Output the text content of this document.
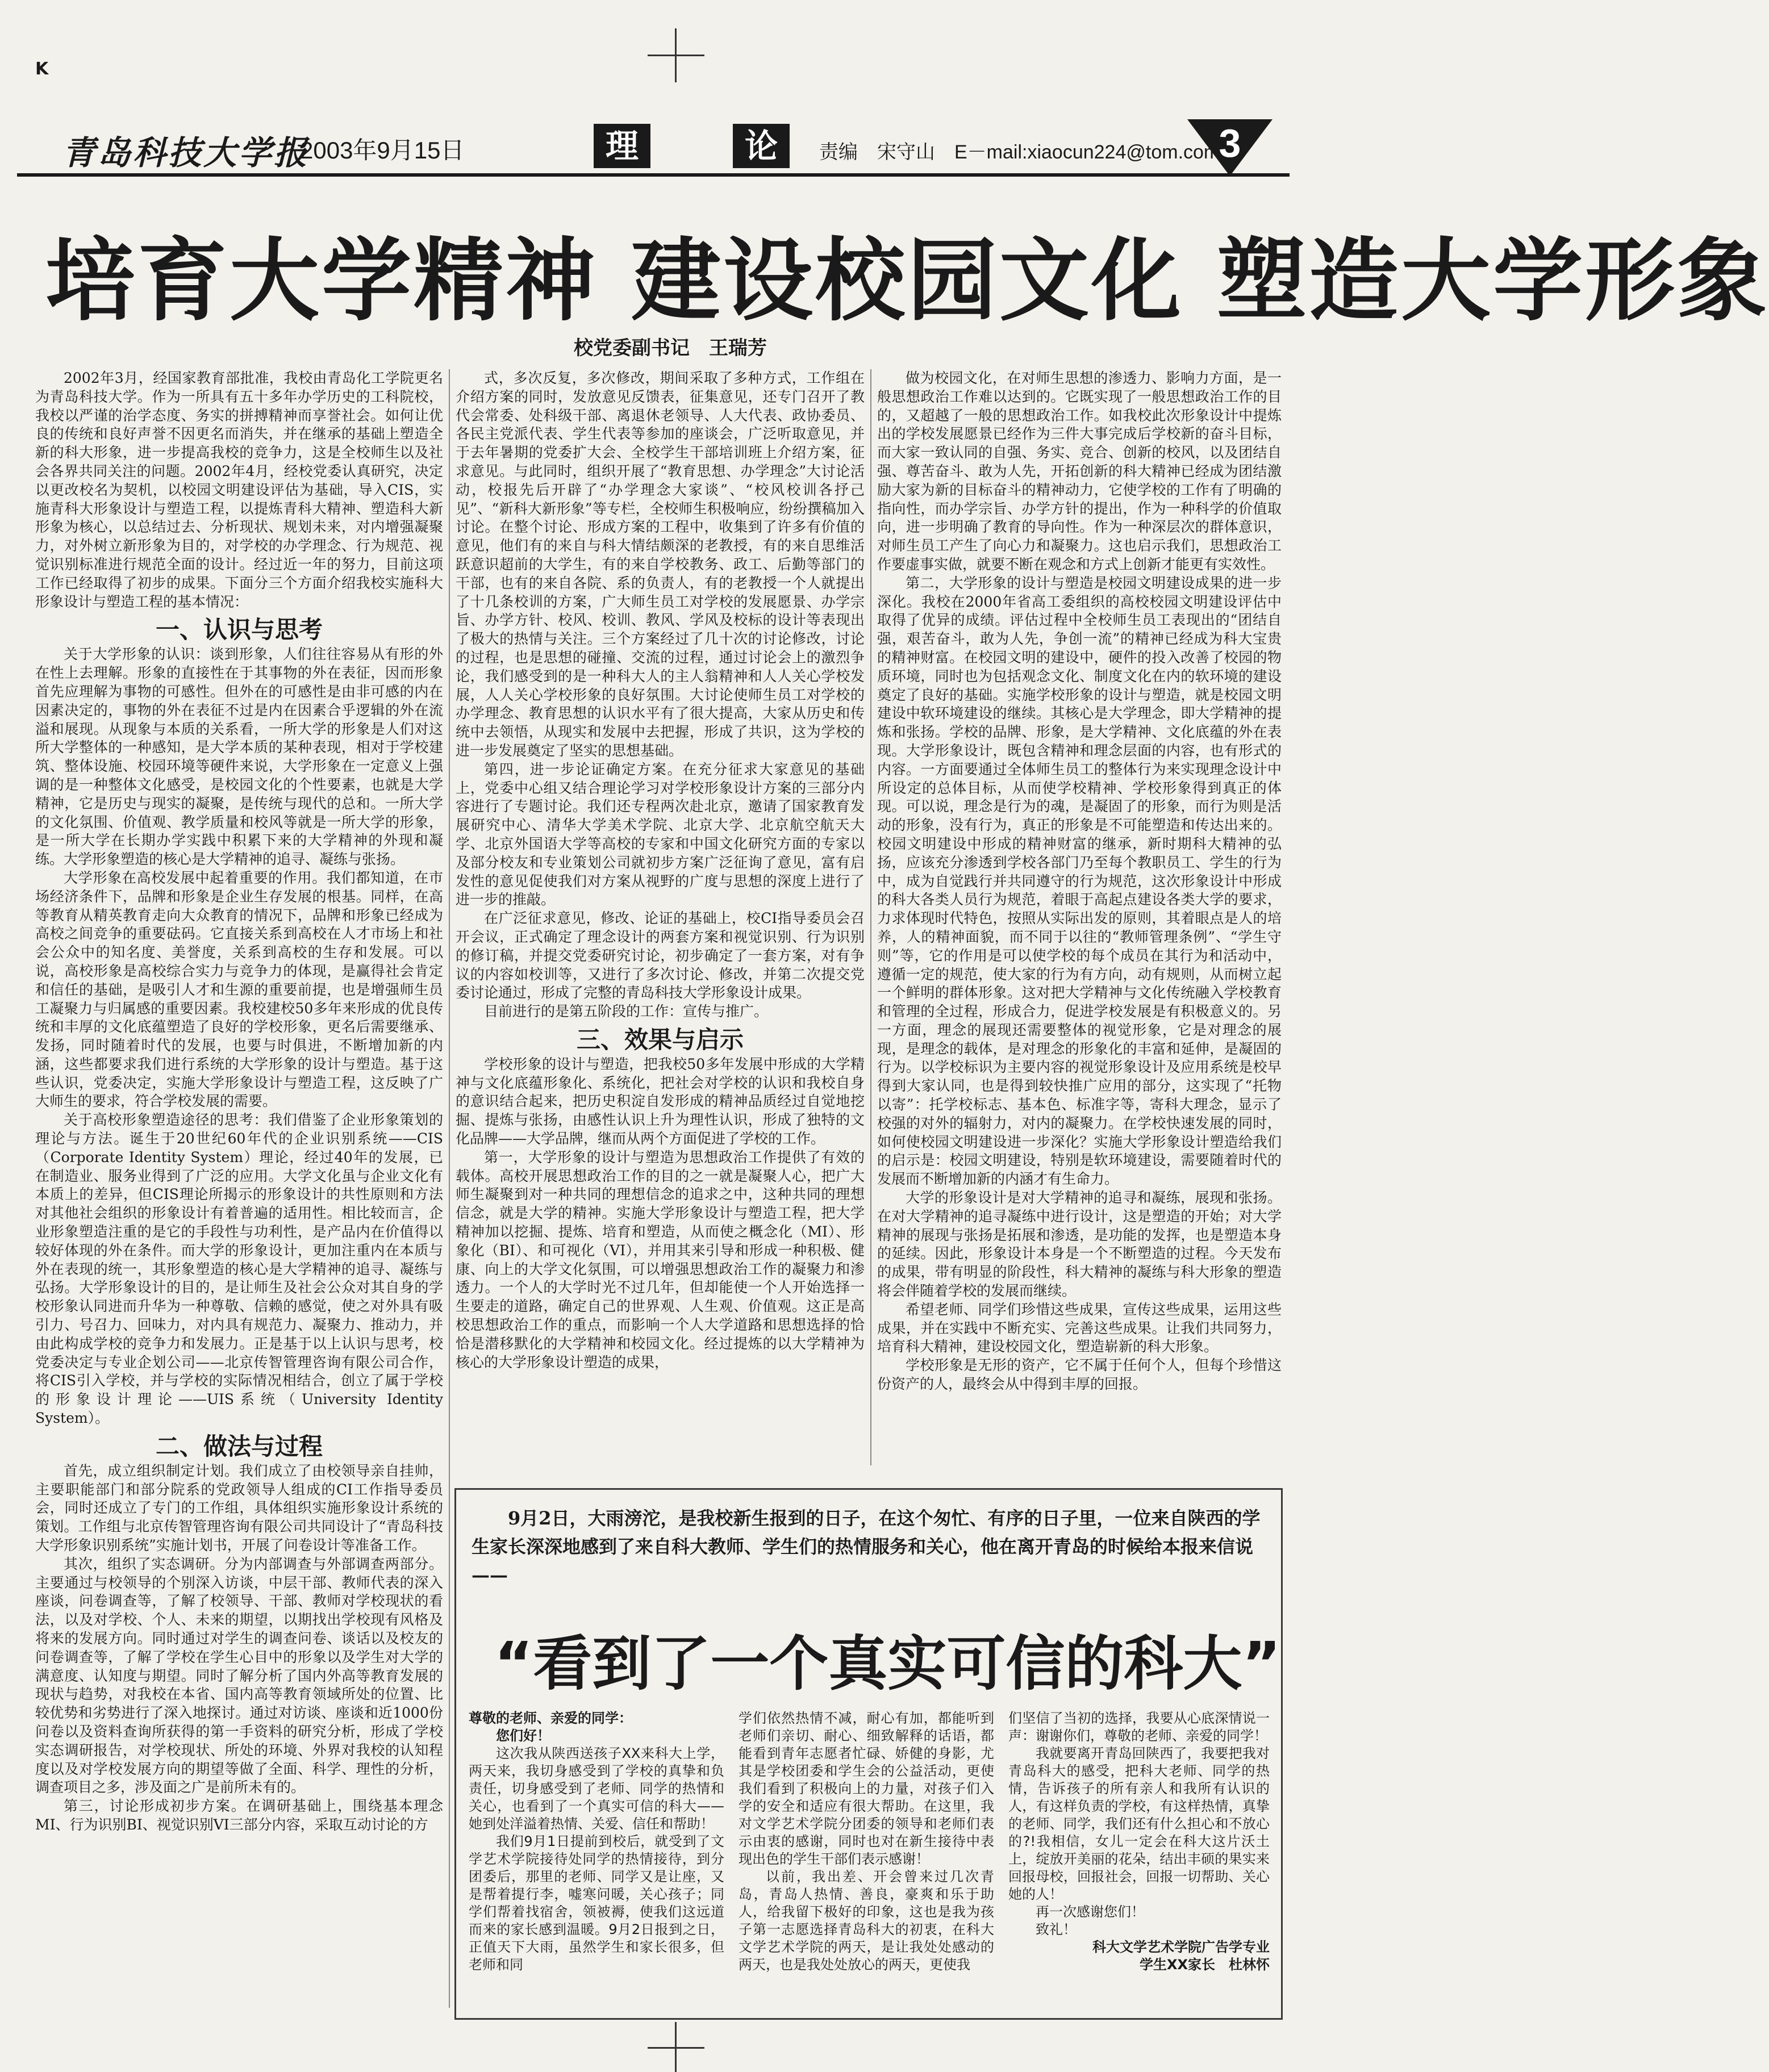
K
青岛科技大学报
2003年9月15日	理	论	责编　宋守山　E－mail:xiaocun224@tom.com
3
培育大学精神 建设校园文化 塑造大学形象
校党委副书记　王瑞芳

2002年3月，经国家教育部批准，我校由青岛化工学院更名为青岛科技大学。作为一所具有五十多年办学历史的工科院校，我校以严谨的治学态度、务实的拼搏精神而享誉社会。如何让优良的传统和良好声誉不因更名而消失，并在继承的基础上塑造全新的科大形象，进一步提高我校的竞争力，这是全校师生以及社会各界共同关注的问题。2002年4月，经校党委认真研究，决定以更改校名为契机，以校园文明建设评估为基础，导入CIS，实施青科大形象设计与塑造工程，以提炼青科大精神、塑造科大新形象为核心，以总结过去、分析现状、规划未来，对内增强凝聚力，对外树立新形象为目的，对学校的办学理念、行为规范、视觉识别标准进行规范全面的设计。经过近一年的努力，目前这项工作已经取得了初步的成果。下面分三个方面介绍我校实施科大形象设计与塑造工程的基本情况：

一、认识与思考

关于大学形象的认识：谈到形象，人们往往容易从有形的外在性上去理解。形象的直接性在于其事物的外在表征，因而形象首先应理解为事物的可感性。但外在的可感性是由非可感的内在因素决定的，事物的外在表征不过是内在因素合乎逻辑的外在流溢和展现。从现象与本质的关系看，一所大学的形象是人们对这所大学整体的一种感知，是大学本质的某种表现，相对于学校建筑、整体设施、校园环境等硬件来说，大学形象在一定意义上强调的是一种整体文化感受，是校园文化的个性要素，也就是大学精神，它是历史与现实的凝聚，是传统与现代的总和。一所大学的文化氛围、价值观、教学质量和校风等就是一所大学的形象，是一所大学在长期办学实践中积累下来的大学精神的外现和凝练。大学形象塑造的核心是大学精神的追寻、凝练与张扬。

大学形象在高校发展中起着重要的作用。我们都知道，在市场经济条件下，品牌和形象是企业生存发展的根基。同样，在高等教育从精英教育走向大众教育的情况下，品牌和形象已经成为高校之间竞争的重要砝码。它直接关系到高校在人才市场上和社会公众中的知名度、美誉度，关系到高校的生存和发展。可以说，高校形象是高校综合实力与竞争力的体现，是赢得社会肯定和信任的基础，是吸引人才和生源的重要前提，也是增强师生员工凝聚力与归属感的重要因素。我校建校50多年来形成的优良传统和丰厚的文化底蕴塑造了良好的学校形象，更名后需要继承、发扬，同时随着时代的发展，也要与时俱进，不断增加新的内涵，这些都要求我们进行系统的大学形象的设计与塑造。基于这些认识，党委决定，实施大学形象设计与塑造工程，这反映了广大师生的要求，符合学校发展的需要。

关于高校形象塑造途径的思考：我们借鉴了企业形象策划的理论与方法。诞生于20世纪60年代的企业识别系统——CIS（Corporate Identity System）理论，经过40年的发展，已在制造业、服务业得到了广泛的应用。大学文化虽与企业文化有本质上的差异，但CIS理论所揭示的形象设计的共性原则和方法对其他社会组织的形象设计有着普遍的适用性。相比较而言，企业形象塑造注重的是它的手段性与功利性，是产品内在价值得以较好体现的外在条件。而大学的形象设计，更加注重内在本质与外在表现的统一，其形象塑造的核心是大学精神的追寻、凝练与弘扬。大学形象设计的目的，是让师生及社会公众对其自身的学校形象认同进而升华为一种尊敬、信赖的感觉，使之对外具有吸引力、号召力、回味力，对内具有规范力、凝聚力、推动力，并由此构成学校的竞争力和发展力。正是基于以上认识与思考，校党委决定与专业企划公司——北京传智管理咨询有限公司合作，将CIS引入学校，并与学校的实际情况相结合，创立了属于学校的形象设计理论——UIS系统（University Identity System）。

二、做法与过程

首先，成立组织制定计划。我们成立了由校领导亲自挂帅，主要职能部门和部分院系的党政领导人组成的CI工作指导委员会，同时还成立了专门的工作组，具体组织实施形象设计系统的策划。工作组与北京传智管理咨询有限公司共同设计了“青岛科技大学形象识别系统”实施计划书，开展了问卷设计等准备工作。

其次，组织了实态调研。分为内部调查与外部调查两部分。主要通过与校领导的个别深入访谈，中层干部、教师代表的深入座谈，问卷调查等，了解了校领导、干部、教师对学校现状的看法，以及对学校、个人、未来的期望，以期找出学校现有风格及将来的发展方向。同时通过对学生的调查问卷、谈话以及校友的问卷调查等，了解了学校在学生心目中的形象以及学生对大学的满意度、认知度与期望。同时了解分析了国内外高等教育发展的现状与趋势，对我校在本省、国内高等教育领域所处的位置、比较优势和劣势进行了深入地探讨。通过对访谈、座谈和近1000份问卷以及资料查询所获得的第一手资料的研究分析，形成了学校实态调研报告，对学校现状、所处的环境、外界对我校的认知程度以及对学校发展方向的期望等做了全面、科学、理性的分析，调查项目之多，涉及面之广是前所未有的。

第三，讨论形成初步方案。在调研基础上，围绕基本理念MI、行为识别BI、视觉识别VI三部分内容，采取互动讨论的方

式，多次反复，多次修改，期间采取了多种方式，工作组在介绍方案的同时，发放意见反馈表，征集意见，还专门召开了教代会常委、处科级干部、离退休老领导、人大代表、政协委员、各民主党派代表、学生代表等参加的座谈会，广泛听取意见，并于去年暑期的党委扩大会、全校学生干部培训班上介绍方案，征求意见。与此同时，组织开展了“教育思想、办学理念”大讨论活动，校报先后开辟了“办学理念大家谈”、“校风校训各抒己见”、“新科大新形象”等专栏，全校师生积极响应，纷纷撰稿加入讨论。在整个讨论、形成方案的工程中，收集到了许多有价值的意见，他们有的来自与科大情结颇深的老教授，有的来自思维活跃意识超前的大学生，有的来自学校教务、政工、后勤等部门的干部，也有的来自各院、系的负责人，有的老教授一个人就提出了十几条校训的方案，广大师生员工对学校的发展愿景、办学宗旨、办学方针、校风、校训、教风、学风及校标的设计等表现出了极大的热情与关注。三个方案经过了几十次的讨论修改，讨论的过程，也是思想的碰撞、交流的过程，通过讨论会上的激烈争论，我们感受到的是一种科大人的主人翁精神和人人关心学校发展，人人关心学校形象的良好氛围。大讨论使师生员工对学校的办学理念、教育思想的认识水平有了很大提高，大家从历史和传统中去领悟，从现实和发展中去把握，形成了共识，这为学校的进一步发展奠定了坚实的思想基础。

第四，进一步论证确定方案。在充分征求大家意见的基础上，党委中心组又结合理论学习对学校形象设计方案的三部分内容进行了专题讨论。我们还专程两次赴北京，邀请了国家教育发展研究中心、清华大学美术学院、北京大学、北京航空航天大学、北京外国语大学等高校的专家和中国文化研究方面的专家以及部分校友和专业策划公司就初步方案广泛征询了意见，富有启发性的意见促使我们对方案从视野的广度与思想的深度上进行了进一步的推敲。

在广泛征求意见，修改、论证的基础上，校CI指导委员会召开会议，正式确定了理念设计的两套方案和视觉识别、行为识别的修订稿，并提交党委研究讨论，初步确定了一套方案，对有争议的内容如校训等，又进行了多次讨论、修改，并第二次提交党委讨论通过，形成了完整的青岛科技大学形象设计成果。

目前进行的是第五阶段的工作：宣传与推广。

三、效果与启示

学校形象的设计与塑造，把我校50多年发展中形成的大学精神与文化底蕴形象化、系统化，把社会对学校的认识和我校自身的意识结合起来，把历史积淀自发形成的精神品质经过自觉地挖掘、提炼与张扬，由感性认识上升为理性认识，形成了独特的文化品牌——大学品牌，继而从两个方面促进了学校的工作。

第一，大学形象的设计与塑造为思想政治工作提供了有效的载体。高校开展思想政治工作的目的之一就是凝聚人心，把广大师生凝聚到对一种共同的理想信念的追求之中，这种共同的理想信念，就是大学的精神。实施大学形象设计与塑造工程，把大学精神加以挖掘、提炼、培育和塑造，从而使之概念化（MI）、形象化（BI）、和可视化（VI），并用其来引导和形成一种积极、健康、向上的大学文化氛围，可以增强思想政治工作的凝聚力和渗透力。一个人的大学时光不过几年，但却能使一个人开始选择一生要走的道路，确定自己的世界观、人生观、价值观。这正是高校思想政治工作的重点，而影响一个人大学道路和思想选择的恰恰是潜移默化的大学精神和校园文化。经过提炼的以大学精神为核心的大学形象设计塑造的成果，

做为校园文化，在对师生思想的渗透力、影响力方面，是一般思想政治工作难以达到的。它既实现了一般思想政治工作的目的，又超越了一般的思想政治工作。如我校此次形象设计中提炼出的学校发展愿景已经作为三件大事完成后学校新的奋斗目标，而大家一致认同的自强、务实、竞合、创新的校风，以及团结自强、尊苦奋斗、敢为人先，开拓创新的科大精神已经成为团结激励大家为新的目标奋斗的精神动力，它使学校的工作有了明确的指向性，而办学宗旨、办学方针的提出，作为一种科学的价值取向，进一步明确了教育的导向性。作为一种深层次的群体意识，对师生员工产生了向心力和凝聚力。这也启示我们，思想政治工作要虚事实做，就要不断在观念和方式上创新才能更有实效性。

第二，大学形象的设计与塑造是校园文明建设成果的进一步深化。我校在2000年省高工委组织的高校校园文明建设评估中取得了优异的成绩。评估过程中全校师生员工表现出的“团结自强，艰苦奋斗，敢为人先，争创一流”的精神已经成为科大宝贵的精神财富。在校园文明的建设中，硬件的投入改善了校园的物质环境，同时也为包括观念文化、制度文化在内的软环境的建设奠定了良好的基础。实施学校形象的设计与塑造，就是校园文明建设中软环境建设的继续。其核心是大学理念，即大学精神的提炼和张扬。学校的品牌、形象，是大学精神、文化底蕴的外在表现。大学形象设计，既包含精神和理念层面的内容，也有形式的内容。一方面要通过全体师生员工的整体行为来实现理念设计中所设定的总体目标，从而使学校精神、学校形象得到真正的体现。可以说，理念是行为的魂，是凝固了的形象，而行为则是活动的形象，没有行为，真正的形象是不可能塑造和传达出来的。校园文明建设中形成的精神财富的继承，新时期科大精神的弘扬，应该充分渗透到学校各部门乃至每个教职员工、学生的行为中，成为自觉践行并共同遵守的行为规范，这次形象设计中形成的科大各类人员行为规范，着眼于高起点建设各类大学的要求，力求体现时代特色，按照从实际出发的原则，其着眼点是人的培养，人的精神面貌，而不同于以往的“教师管理条例”、“学生守则”等，它的作用是可以使学校的每个成员在其行为和活动中，遵循一定的规范，使大家的行为有方向，动有规则，从而树立起一个鲜明的群体形象。这对把大学精神与文化传统融入学校教育和管理的全过程，形成合力，促进学校发展是有积极意义的。另一方面，理念的展现还需要整体的视觉形象，它是对理念的展现，是理念的载体，是对理念的形象化的丰富和延伸，是凝固的行为。以学校标识为主要内容的视觉形象设计及应用系统是校早得到大家认同，也是得到较快推广应用的部分，这实现了“托物以寄”：托学校标志、基本色、标准字等，寄科大理念，显示了校强的对外的辐射力，对内的凝聚力。在学校快速发展的同时，如何使校园文明建设进一步深化？实施大学形象设计塑造给我们的启示是：校园文明建设，特别是软环境建设，需要随着时代的发展而不断增加新的内涵才有生命力。

大学的形象设计是对大学精神的追寻和凝练，展现和张扬。在对大学精神的追寻凝练中进行设计，这是塑造的开始；对大学精神的展现与张扬是拓展和渗透，是功能的发挥，也是塑造本身的延续。因此，形象设计本身是一个不断塑造的过程。今天发布的成果，带有明显的阶段性，科大精神的凝练与科大形象的塑造将会伴随着学校的发展而继续。

希望老师、同学们珍惜这些成果，宣传这些成果，运用这些成果，并在实践中不断充实、完善这些成果。让我们共同努力，培育科大精神，建设校园文化，塑造崭新的科大形象。

学校形象是无形的资产，它不属于任何个人，但每个珍惜这份资产的人，最终会从中得到丰厚的回报。

9月2日，大雨滂沱，是我校新生报到的日子，在这个匆忙、有序的日子里，一位来自陕西的学生家长深深地感到了来自科大教师、学生们的热情服务和关心，他在离开青岛的时候给本报来信说——
“看到了一个真实可信的科大”

尊敬的老师、亲爱的同学：

您们好！

这次我从陕西送孩子XX来科大上学，两天来，我切身感受到了学校的真挚和负责任，切身感受到了老师、同学的热情和关心，也看到了一个真实可信的科大——她到处洋溢着热情、关爱、信任和帮助！

我们9月1日提前到校后，就受到了文学艺术学院接待处同学的热情接待，到分团委后，那里的老师、同学又是让座，又是帮着提行李，嘘寒问暖，关心孩子；同学们帮着找宿舍，领被褥，使我们这远道而来的家长感到温暖。9月2日报到之日，正值天下大雨，虽然学生和家长很多，但老师和同

学们依然热情不减，耐心有加，都能听到老师们亲切、耐心、细致解释的话语，都能看到青年志愿者忙碌、娇健的身影，尤其是学校团委和学生会的公益活动，更使我们看到了积极向上的力量，对孩子们入学的安全和适应有很大帮助。在这里，我对文学艺术学院分团委的领导和老师们表示由衷的感谢，同时也对在新生接待中表现出色的学生干部们表示感谢！

以前，我出差、开会曾来过几次青岛，青岛人热情、善良，豪爽和乐于助人，给我留下极好的印象，这也是我为孩子第一志愿选择青岛科大的初衷，在科大文学艺术学院的两天，是让我处处感动的两天，也是我处处放心的两天，更使我

们坚信了当初的选择，我要从心底深情说一声：谢谢你们，尊敬的老师、亲爱的同学！

我就要离开青岛回陕西了，我要把我对青岛科大的感受，把科大老师、同学的热情，告诉孩子的所有亲人和我所有认识的人，有这样负责的学校，有这样热情，真挚的老师、同学，我们还有什么担心和不放心的?!我相信，女儿一定会在科大这片沃土上，绽放开美丽的花朵，结出丰硕的果实来回报母校，回报社会，回报一切帮助、关心她的人！

再一次感谢您们！

致礼！

科大文学艺术学院广告学专业

学生XX家长　杜林怀
